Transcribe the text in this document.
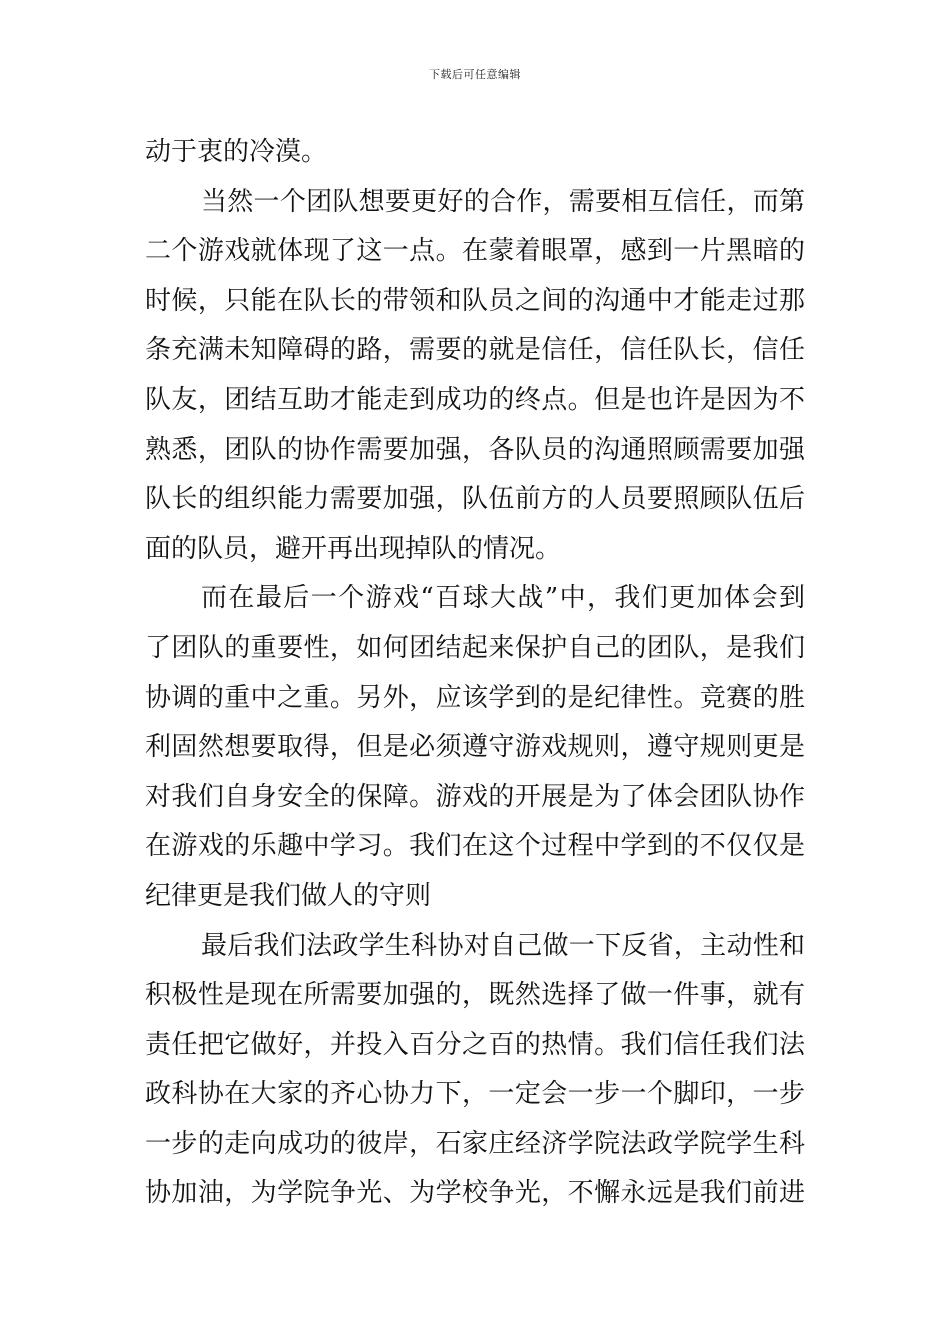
下载后可任意编辑
动于衷的冷漠。
当然一个团队想要更好的合作，需要相互信任，而第
二个游戏就体现了这一点。在蒙着眼罩，感到一片黑暗的
时候，只能在队长的带领和队员之间的沟通中才能走过那
条充满未知障碍的路，需要的就是信任，信任队长，信任
队友，团结互助才能走到成功的终点。但是也许是因为不
熟悉，团队的协作需要加强，各队员的沟通照顾需要加强
队长的组织能力需要加强，队伍前方的人员要照顾队伍后
面的队员，避开再出现掉队的情况。
而在最后一个游戏“百球大战”中，我们更加体会到
了团队的重要性，如何团结起来保护自己的团队，是我们
协调的重中之重。另外，应该学到的是纪律性。竞赛的胜
利固然想要取得，但是必须遵守游戏规则，遵守规则更是
对我们自身安全的保障。游戏的开展是为了体会团队协作
在游戏的乐趣中学习。我们在这个过程中学到的不仅仅是
纪律更是我们做人的守则
最后我们法政学生科协对自己做一下反省，主动性和
积极性是现在所需要加强的，既然选择了做一件事，就有
责任把它做好，并投入百分之百的热情。我们信任我们法
政科协在大家的齐心协力下，一定会一步一个脚印，一步
一步的走向成功的彼岸，石家庄经济学院法政学院学生科
协加油，为学院争光、为学校争光，不懈永远是我们前进
